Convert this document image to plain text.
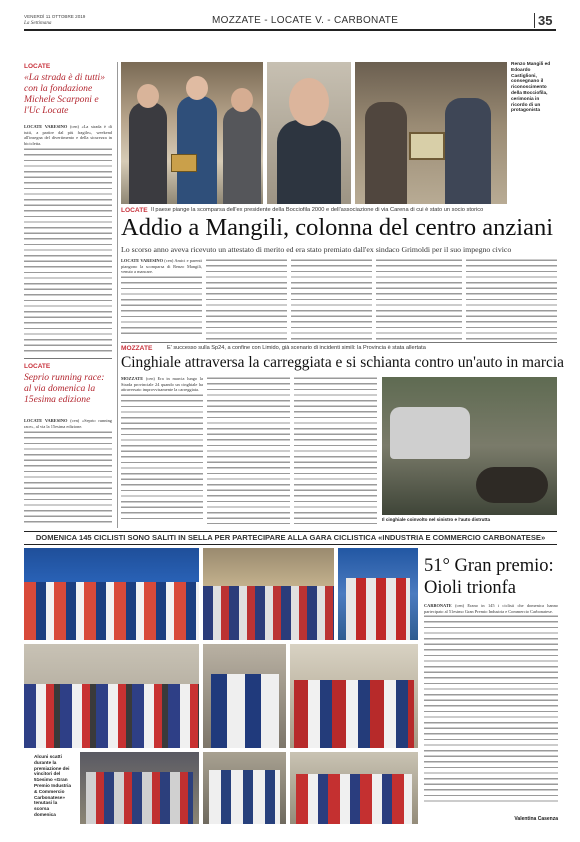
VENERDÌ 11 OTTOBRE 2019
La Settimana	MOZZATE - LOCATE V. - CARBONATE	35
LOCATE
«La strada è di tutti» con la fondazione Michele Scarponi e l'Uc Locate
LOCATE VARESINO (cen) «La strada è di tutti, a partire dal più fragile», weekend all'insegna del divertimento e della sicurezza in bicicletta.
LOCATE
Seprio running race: al via domenica la 15esima edizione
LOCATE VARESINO (cen) «Seprio running race», al via la 15esima edizione.
Renzo Mangili ed Edoardo Castiglioni, consegnano il riconoscimento della Bocciofila, cerimonia in ricordo di un protagonista
LOCATE Il paese piange la scomparsa dell'ex presidente della Bocciofila 2000 e dell'associazione di via Carena di cui è stato un socio storico
Addio a Mangili, colonna del centro anziani
Lo scorso anno aveva ricevuto un attestato di merito ed era stato premiato dall'ex sindaco Grimoldi per il suo impegno civico
LOCATE VARESINO (cen) Amici e parenti piangono la scomparsa di Renzo Mangili, venuto a mancare.
MOZZATE	E' successo sulla Sp24, a confine con Limido, già scenario di incidenti simili: la Provincia è stata allertata
Cinghiale attraversa la carreggiata e si schianta contro un'auto in marcia
MOZZATE (cen) Era in marcia lungo la Strada provinciale 24 quando un cinghiale ha attraversato improvvisamente la carreggiata.
Il cinghiale coinvolto nel sinistro e l'auto distrutta
DOMENICA 145 CICLISTI SONO SALITI IN SELLA PER PARTECIPARE ALLA GARA CICLISTICA «INDUSTRIA E COMMERCIO CARBONATESE»
Alcuni scatti durante la premiazione dei vincitori del 51esimo «Gran Premio Industria & Commercio Carbonatese» tenutasi la scorsa domenica
51° Gran premio: Oioli trionfa
CARBONATE (cen) Erano in 145 i ciclisti che domenica hanno partecipato al 51esimo Gran Premio Industria e Commercio Carbonatese.
Valentina Casenza
